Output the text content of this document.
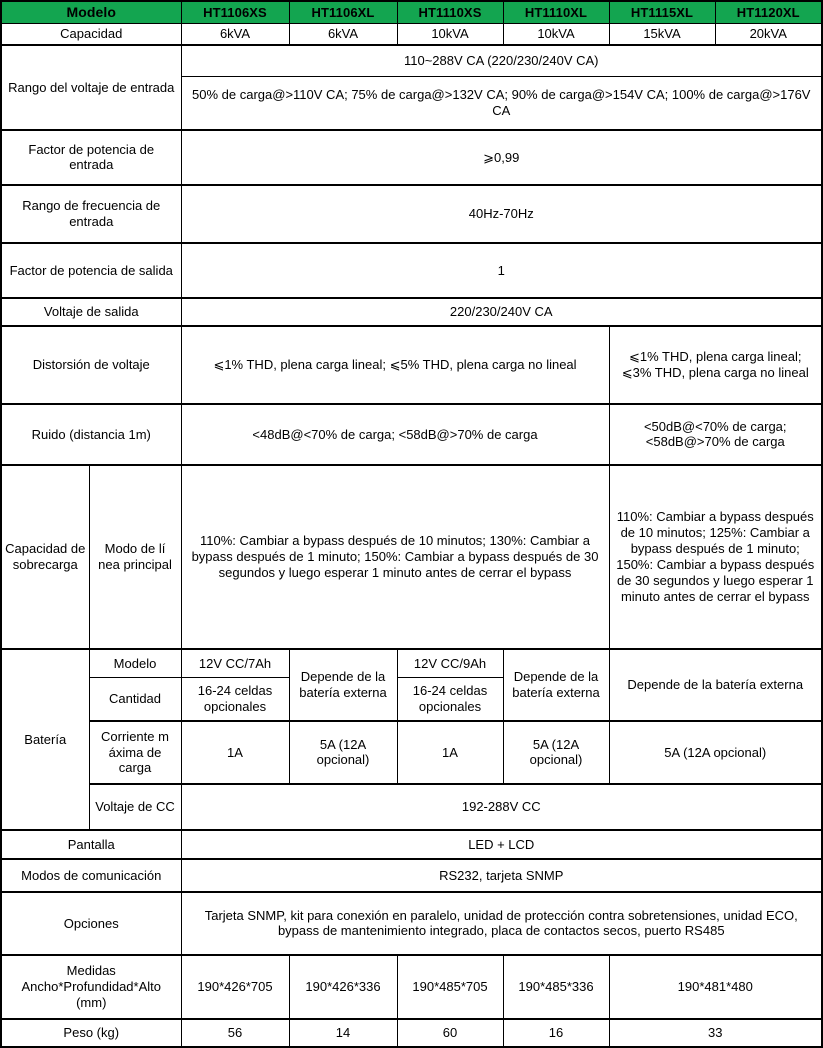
Modelo		HT1106XS	HT1106XL	HT1110XS	HT1110XL	HT1115XL	HT1120XL
Capacidad		6kVA	6kVA	10kVA	10kVA	15kVA	20kVA
Rango del voltaje de entrada		110~288V CA (220/230/240V CA)					
		50% de carga@>110V CA; 75% de carga@>132V CA; 90% de carga@>154V CA; 100% de carga@>176V CA					
Factor de potencia de entrada		⩾0,99					
Rango de frecuencia de entrada		40Hz-70Hz					
Factor de potencia de salida		1					
Voltaje de salida		220/230/240V CA					
Distorsión de voltaje		⩽1% THD, plena carga lineal; ⩽5% THD, plena carga no lineal				⩽1% THD, plena carga lineal; ⩽3% THD, plena carga no lineal	
Ruido (distancia 1m)		<48dB@<70% de carga; <58dB@>70% de carga				<50dB@<70% de carga; <58dB@>70% de carga	
Capacidad de sobrecarga	Modo de lí nea principal	110%: Cambiar a bypass después de 10 minutos; 130%: Cambiar a bypass después de 1 minuto; 150%: Cambiar a bypass después de 30 segundos y luego esperar 1 minuto antes de cerrar el bypass				110%: Cambiar a bypass después de 10 minutos; 125%: Cambiar a bypass después de 1 minuto; 150%: Cambiar a bypass después de 30 segundos y luego esperar 1 minuto antes de cerrar el bypass	
Batería	Modelo	12V CC/7Ah	Depende de la batería externa	12V CC/9Ah	Depende de la batería externa	Depende de la batería externa	
	Cantidad	16-24 celdas opcionales		16-24 celdas opcionales			
	Corriente m áxima de carga	1A	5A (12A opcional)	1A	5A (12A opcional)	5A (12A opcional)	
	Voltaje de CC	192-288V CC					
Pantalla		LED + LCD					
Modos de comunicación		RS232, tarjeta SNMP					
Opciones		Tarjeta SNMP, kit para conexión en paralelo, unidad de protección contra sobretensiones, unidad ECO, bypass de mantenimiento integrado, placa de contactos secos, puerto RS485					
Medidas Ancho*Profundidad*Alto (mm)		190*426*705	190*426*336	190*485*705	190*485*336	190*481*480	
Peso (kg)		56	14	60	16	33	
